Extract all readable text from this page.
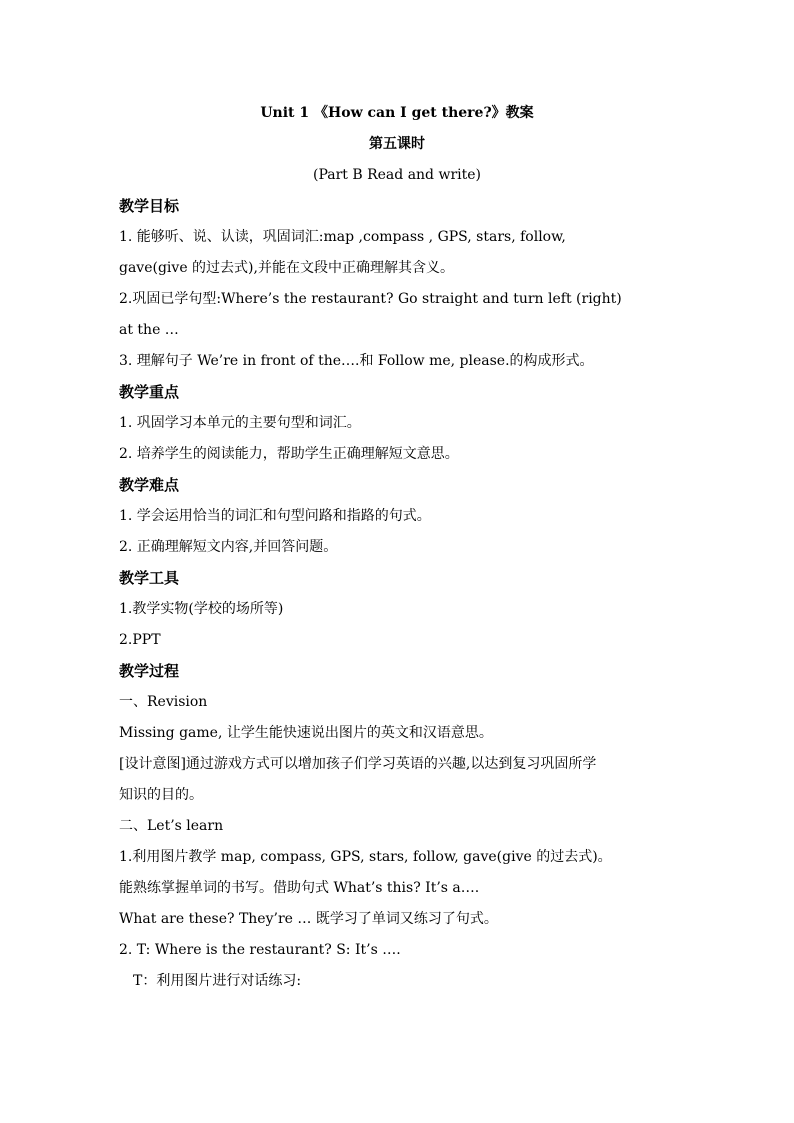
Unit 1 《How can I get there?》教案
第五课时
(Part B Read and write)
教学目标
1. 能够听、说、认读，巩固词汇:map ,compass , GPS, stars, follow,
gave(give 的过去式),并能在文段中正确理解其含义。
2.巩固已学句型:Where’s the restaurant? Go straight and turn left (right)
at the …
3. 理解句子 We’re in front of the….和 Follow me, please.的构成形式。
教学重点
1. 巩固学习本单元的主要句型和词汇。
2. 培养学生的阅读能力，帮助学生正确理解短文意思。
教学难点
1. 学会运用恰当的词汇和句型问路和指路的句式。
2. 正确理解短文内容,并回答问题。
教学工具
1.教学实物(学校的场所等)
2.PPT
教学过程
一、Revision
Missing game, 让学生能快速说出图片的英文和汉语意思。
[设计意图]通过游戏方式可以增加孩子们学习英语的兴趣,以达到复习巩固所学
知识的目的。
二、Let’s learn
1.利用图片教学 map, compass, GPS, stars, follow, gave(give 的过去式)。
能熟练掌握单词的书写。借助句式 What’s this? It’s a….
What are these? They’re … 既学习了单词又练习了句式。
2. T: Where is the restaurant? S: It’s ….
T：利用图片进行对话练习:
